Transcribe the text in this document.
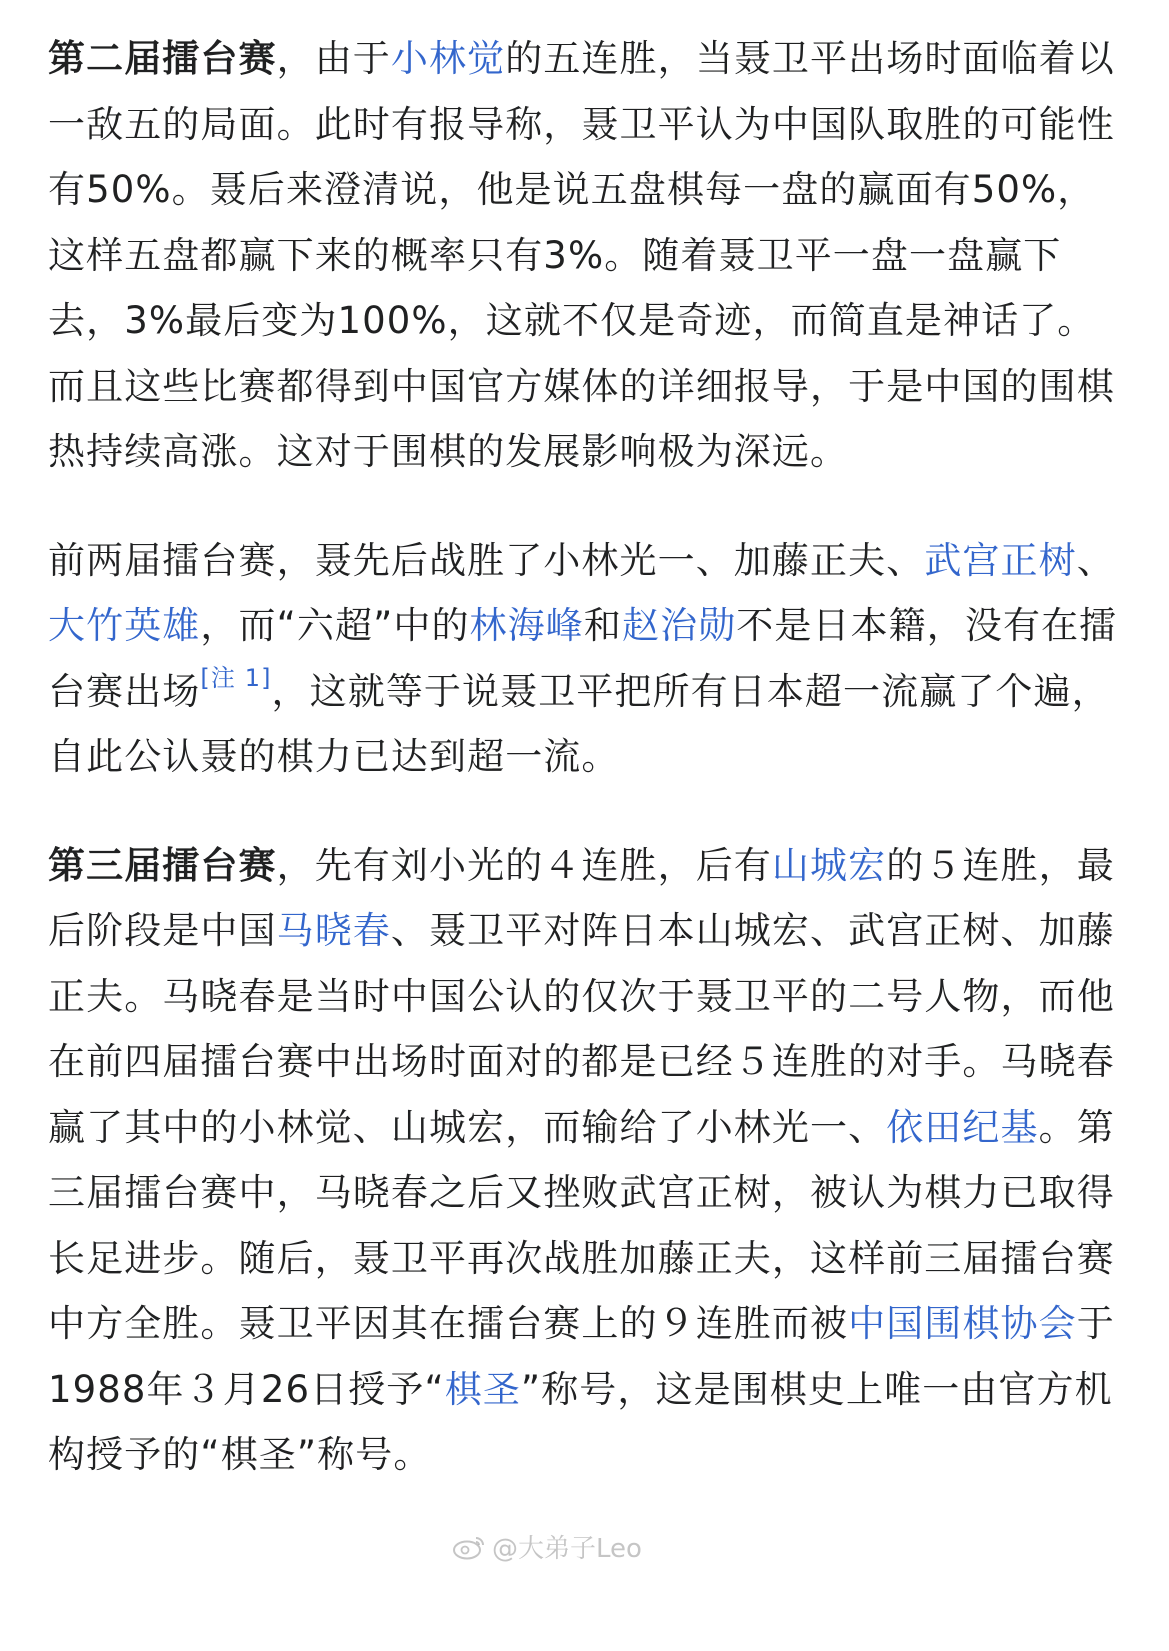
第二届擂台赛，由于小林觉的五连胜，当聂卫平出场时面临着以一敌五的局面。此时有报导称，聂卫平认为中国队取胜的可能性有50%。聂后来澄清说，他是说五盘棋每一盘的赢面有50%，这样五盘都赢下来的概率只有3%。随着聂卫平一盘一盘赢下去，3%最后变为100%，这就不仅是奇迹，而简直是神话了。而且这些比赛都得到中国官方媒体的详细报导，于是中国的围棋热持续高涨。这对于围棋的发展影响极为深远。

前两届擂台赛，聂先后战胜了小林光一、加藤正夫、武宫正树、大竹英雄，而“六超”中的林海峰和赵治勋不是日本籍，没有在擂台赛出场[注 1]，这就等于说聂卫平把所有日本超一流赢了个遍，自此公认聂的棋力已达到超一流。

第三届擂台赛，先有刘小光的４连胜，后有山城宏的５连胜，最后阶段是中国马晓春、聂卫平对阵日本山城宏、武宫正树、加藤正夫。马晓春是当时中国公认的仅次于聂卫平的二号人物，而他在前四届擂台赛中出场时面对的都是已经５连胜的对手。马晓春赢了其中的小林觉、山城宏，而输给了小林光一、依田纪基。第三届擂台赛中，马晓春之后又挫败武宫正树，被认为棋力已取得长足进步。随后，聂卫平再次战胜加藤正夫，这样前三届擂台赛中方全胜。聂卫平因其在擂台赛上的９连胜而被中国围棋协会于1988年３月26日授予“棋圣”称号，这是围棋史上唯一由官方机构授予的“棋圣”称号。

@大弟子Leo
